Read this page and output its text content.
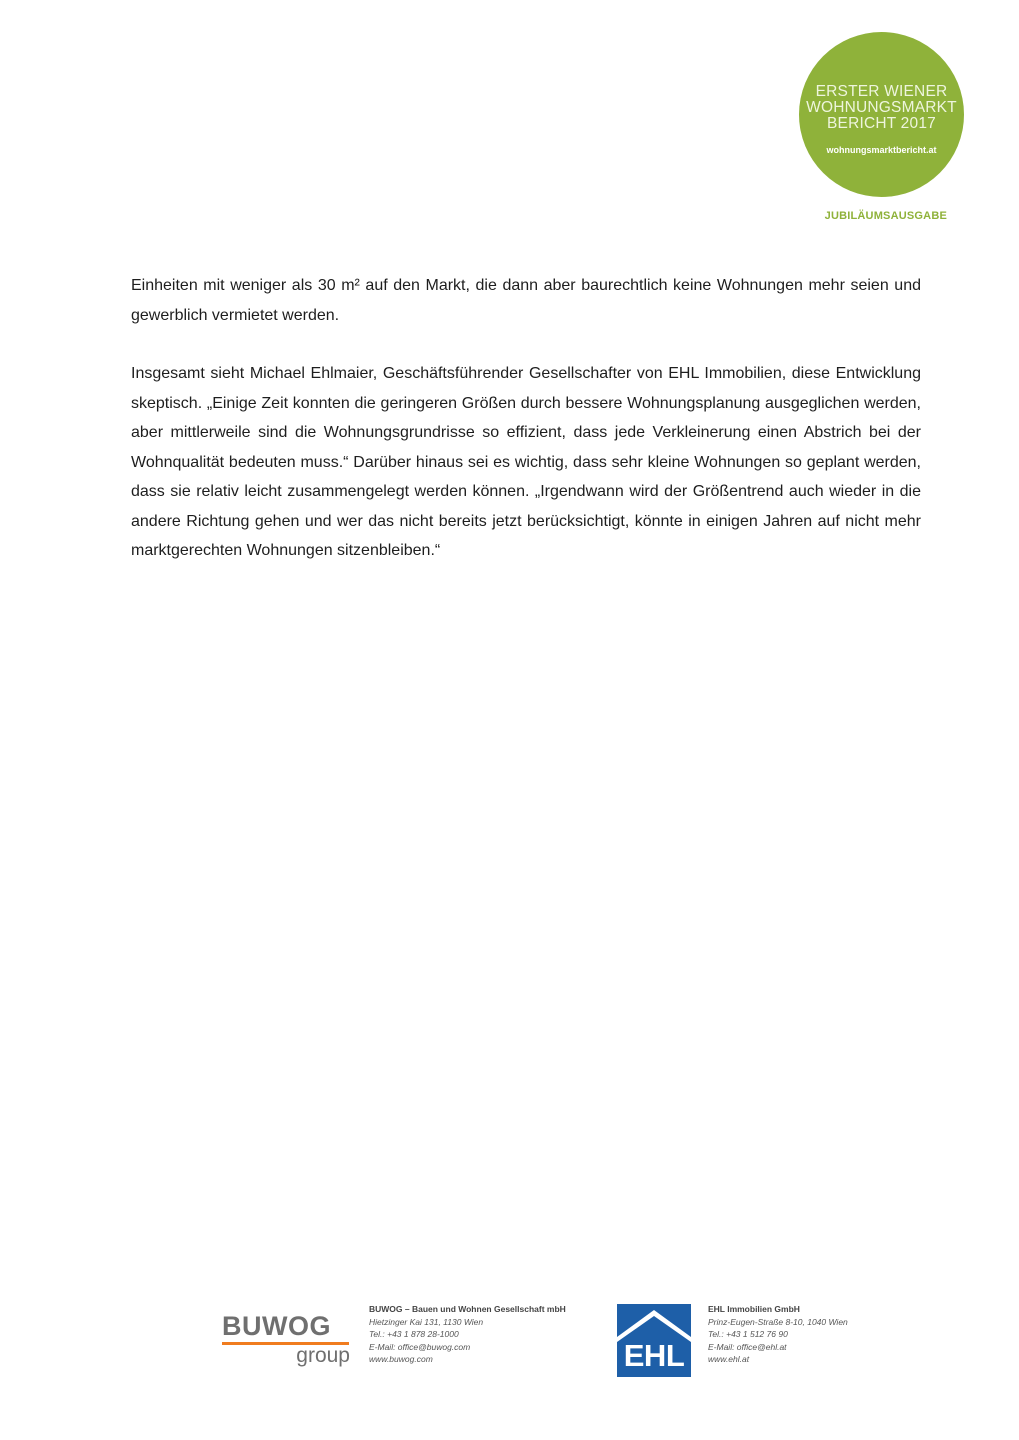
ERSTER WIENER
WOHNUNGSMARKT
BERICHT 2017
wohnungsmarktbericht.at
JUBILÄUMSAUSGABE

Einheiten mit weniger als 30 m² auf den Markt, die dann aber baurechtlich keine Wohnungen mehr seien und gewerblich vermietet werden.

Insgesamt sieht Michael Ehlmaier, Geschäftsführender Gesellschafter von EHL Immobilien, diese Entwicklung skeptisch. „Einige Zeit konnten die geringeren Größen durch bessere Wohnungsplanung ausgeglichen werden, aber mittlerweile sind die Wohnungsgrundrisse so effizient, dass jede Verkleinerung einen Abstrich bei der Wohnqualität bedeuten muss.“ Darüber hinaus sei es wichtig, dass sehr kleine Wohnungen so geplant werden, dass sie relativ leicht zusammengelegt werden können. „Irgendwann wird der Größentrend auch wieder in die andere Richtung gehen und wer das nicht bereits jetzt berücksichtigt, könnte in einigen Jahren auf nicht mehr marktgerechten Wohnungen sitzenbleiben.“

BUWOG
group
BUWOG – Bauen und Wohnen Gesellschaft mbH
Hietzinger Kai 131, 1130 Wien
Tel.: +43 1 878 28-1000
E-Mail: office@buwog.com
www.buwog.com	EHL
EHL Immobilien GmbH
Prinz-Eugen-Straße 8-10, 1040 Wien
Tel.: +43 1 512 76 90
E-Mail: office@ehl.at
www.ehl.at
